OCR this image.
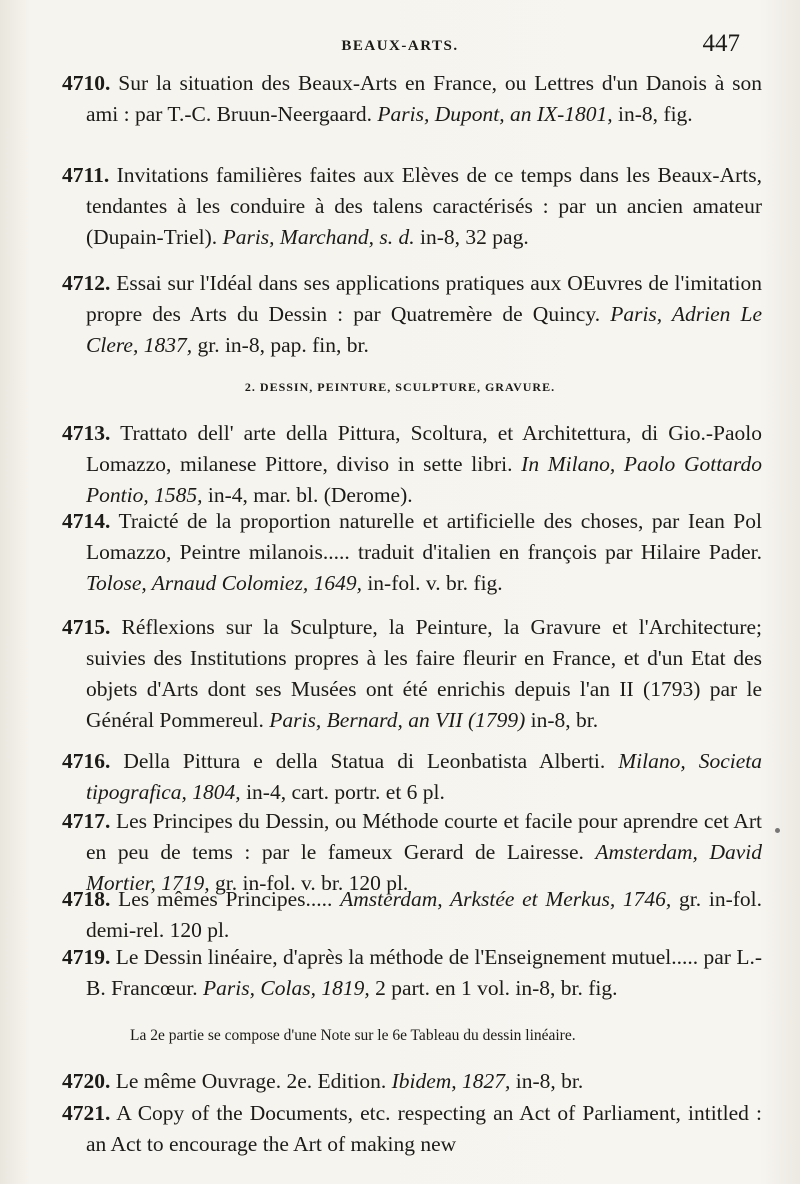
BEAUX-ARTS.	447
4710. Sur la situation des Beaux-Arts en France, ou Lettres d'un Danois à son ami : par T.-C. Bruun-Neergaard. Paris, Dupont, an IX-1801, in-8, fig.
4711. Invitations familières faites aux Elèves de ce temps dans les Beaux-Arts, tendantes à les conduire à des talens caractérisés : par un ancien amateur (Dupain-Triel). Paris, Marchand, s. d. in-8, 32 pag.
4712. Essai sur l'Idéal dans ses applications pratiques aux OEuvres de l'imitation propre des Arts du Dessin : par Quatremère de Quincy. Paris, Adrien Le Clere, 1837, gr. in-8, pap. fin, br.
2. DESSIN, PEINTURE, SCULPTURE, GRAVURE.
4713. Trattato dell' arte della Pittura, Scoltura, et Architettura, di Gio.-Paolo Lomazzo, milanese Pittore, diviso in sette libri. In Milano, Paolo Gottardo Pontio, 1585, in-4, mar. bl. (Derome).
4714. Traicté de la proportion naturelle et artificielle des choses, par Iean Pol Lomazzo, Peintre milanois..... traduit d'italien en françois par Hilaire Pader. Tolose, Arnaud Colomiez, 1649, in-fol. v. br. fig.
4715. Réflexions sur la Sculpture, la Peinture, la Gravure et l'Architecture; suivies des Institutions propres à les faire fleurir en France, et d'un Etat des objets d'Arts dont ses Musées ont été enrichis depuis l'an II (1793) par le Général Pommereul. Paris, Bernard, an VII (1799) in-8, br.
4716. Della Pittura e della Statua di Leonbatista Alberti. Milano, Societa tipografica, 1804, in-4, cart. portr. et 6 pl.
4717. Les Principes du Dessin, ou Méthode courte et facile pour aprendre cet Art en peu de tems : par le fameux Gerard de Lairesse. Amsterdam, David Mortier, 1719, gr. in-fol. v. br. 120 pl.
4718. Les mêmes Principes..... Amsterdam, Arkstée et Merkus, 1746, gr. in-fol. demi-rel. 120 pl.
4719. Le Dessin linéaire, d'après la méthode de l'Enseignement mutuel..... par L.-B. Francœur. Paris, Colas, 1819, 2 part. en 1 vol. in-8, br. fig.
La 2e partie se compose d'une Note sur le 6e Tableau du dessin linéaire.
4720. Le même Ouvrage. 2e. Edition. Ibidem, 1827, in-8, br.
4721. A Copy of the Documents, etc. respecting an Act of Parliament, intitled : an Act to encourage the Art of making new
